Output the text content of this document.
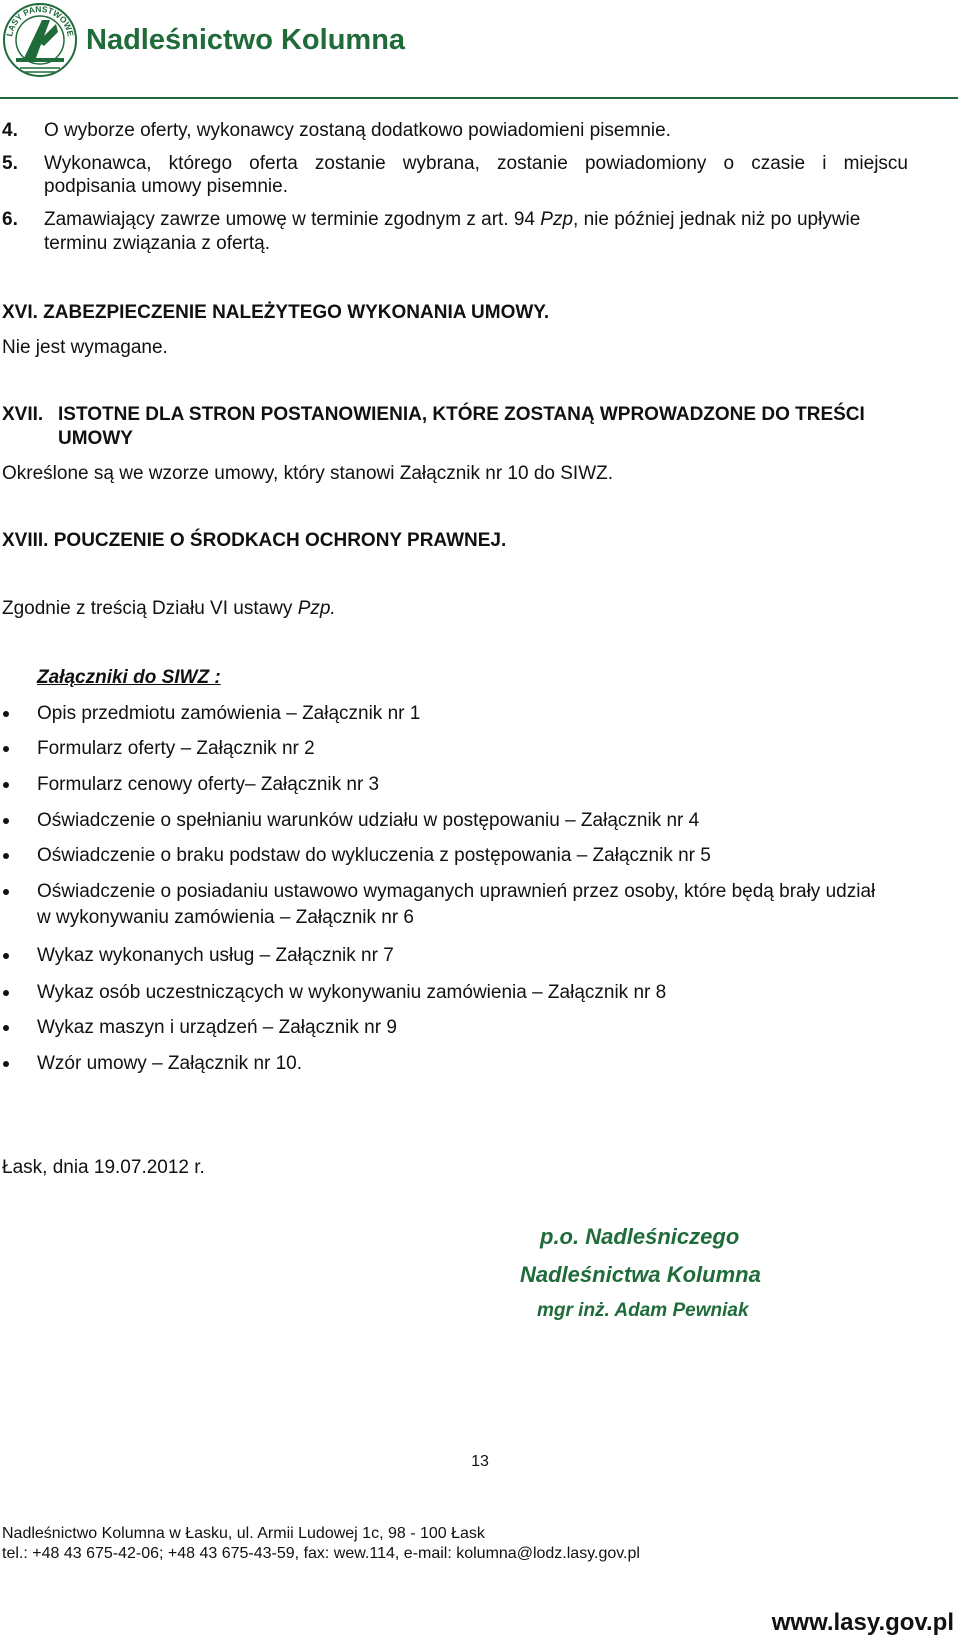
LASY PAŃSTWOWE Nadleśnictwo Kolumna
4. O wyborze oferty, wykonawcy zostaną dodatkowo powiadomieni pisemnie.
5. Wykonawca, którego oferta zostanie wybrana, zostanie powiadomiony o czasie i miejscu
podpisania umowy pisemnie.
6. Zamawiający zawrze umowę w terminie zgodnym z art. 94 Pzp, nie później jednak niż po upływie
terminu związania z ofertą.
XVI. ZABEZPIECZENIE NALEŻYTEGO WYKONANIA UMOWY.
Nie jest wymagane.
XVII. ISTOTNE DLA STRON POSTANOWIENIA, KTÓRE ZOSTANĄ WPROWADZONE DO TREŚCI
UMOWY
Określone są we wzorze umowy, który stanowi Załącznik nr 10 do SIWZ.
XVIII. POUCZENIE O ŚRODKACH OCHRONY PRAWNEJ.
Zgodnie z treścią Działu VI ustawy Pzp.
Załączniki do SIWZ :
Opis przedmiotu zamówienia – Załącznik nr 1
Formularz oferty – Załącznik nr 2
Formularz cenowy oferty– Załącznik nr 3
Oświadczenie o spełnianiu warunków udziału w postępowaniu – Załącznik nr 4
Oświadczenie o braku podstaw do wykluczenia z postępowania – Załącznik nr 5
Oświadczenie o posiadaniu ustawowo wymaganych uprawnień przez osoby, które będą brały udział
w wykonywaniu zamówienia – Załącznik nr 6
Wykaz wykonanych usług – Załącznik nr 7
Wykaz osób uczestniczących w wykonywaniu zamówienia – Załącznik nr 8
Wykaz maszyn i urządzeń – Załącznik nr 9
Wzór umowy – Załącznik nr 10.
Łask, dnia 19.07.2012 r.
p.o. Nadleśniczego
Nadleśnictwa Kolumna
mgr inż. Adam Pewniak
13
Nadleśnictwo Kolumna w Łasku, ul. Armii Ludowej 1c, 98 - 100 Łask
tel.: +48 43 675-42-06; +48 43 675-43-59, fax: wew.114, e-mail: kolumna@lodz.lasy.gov.pl
www.lasy.gov.pl
